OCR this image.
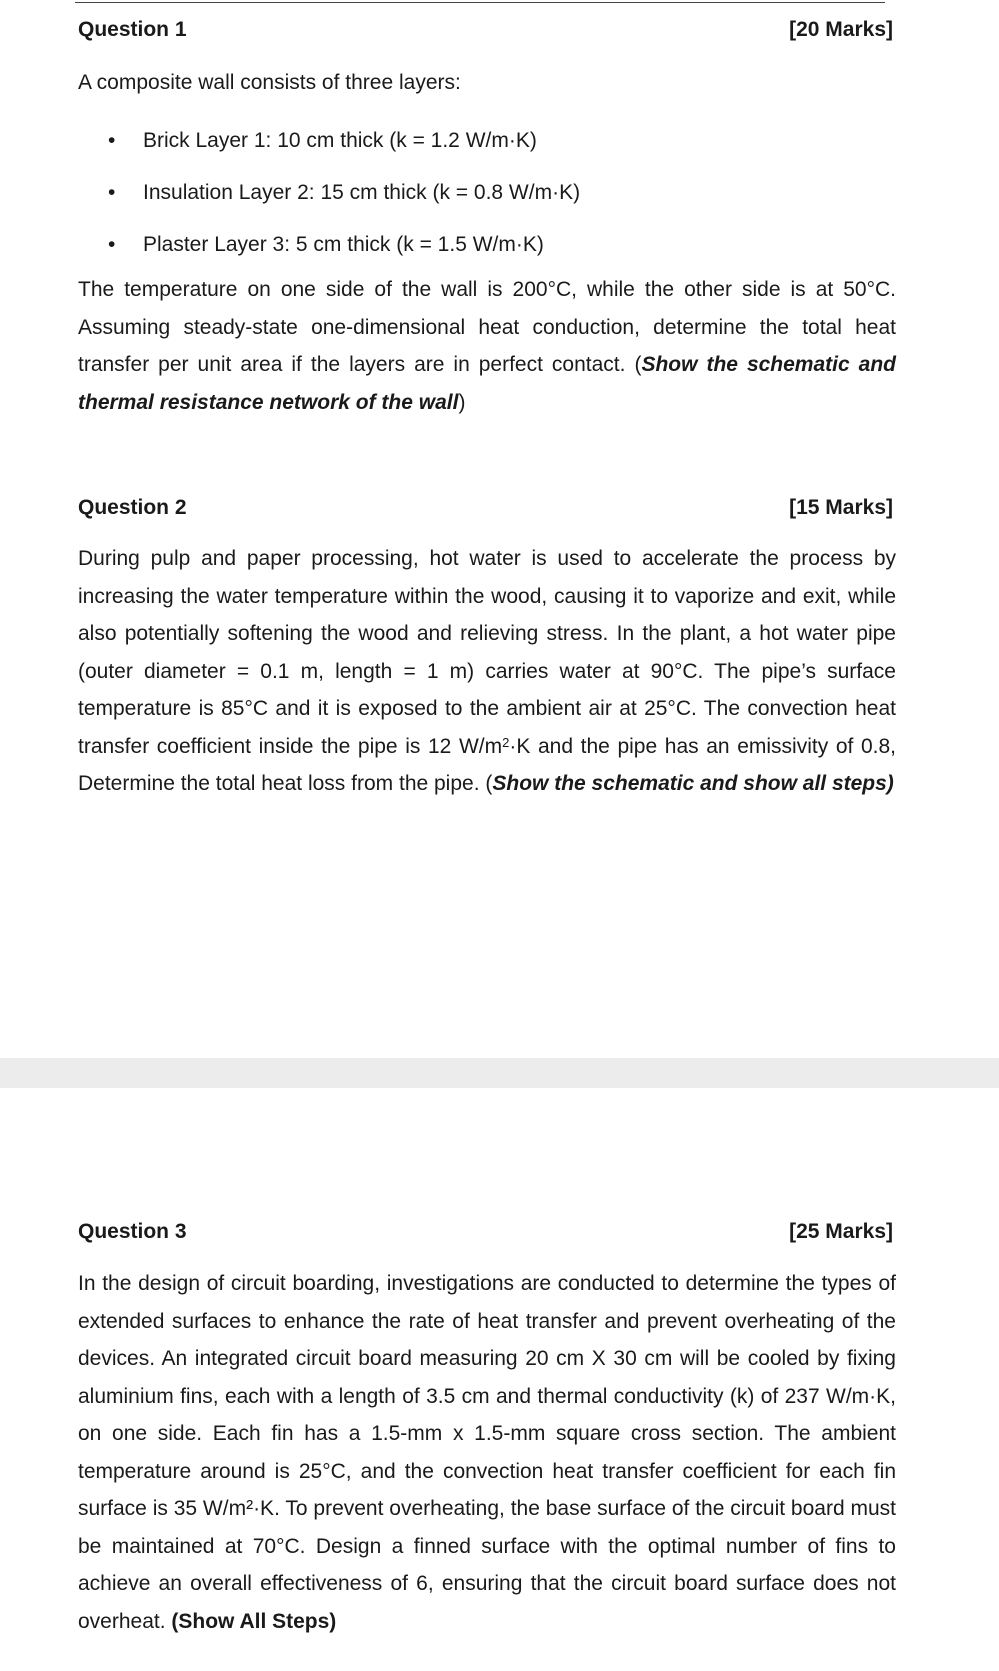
Question 1	[20 Marks]

A composite wall consists of three layers:

• Brick Layer 1: 10 cm thick (k = 1.2 W/m·K)
• Insulation Layer 2: 15 cm thick (k = 0.8 W/m·K)
• Plaster Layer 3: 5 cm thick (k = 1.5 W/m·K)

The temperature on one side of the wall is 200°C, while the other side is at 50°C. Assuming steady-state one-dimensional heat conduction, determine the total heat transfer per unit area if the layers are in perfect contact. (Show the schematic and thermal resistance network of the wall)

Question 2	[15 Marks]

During pulp and paper processing, hot water is used to accelerate the process by increasing the water temperature within the wood, causing it to vaporize and exit, while also potentially softening the wood and relieving stress. In the plant, a hot water pipe (outer diameter = 0.1 m, length = 1 m) carries water at 90°C. The pipe’s surface temperature is 85°C and it is exposed to the ambient air at 25°C. The convection heat transfer coefficient inside the pipe is 12 $W/m^2\cdot K$ and the pipe has an emissivity of 0.8, Determine the total heat loss from the pipe. (Show the schematic and show all steps)

Question 3	[25 Marks]

In the design of circuit boarding, investigations are conducted to determine the types of extended surfaces to enhance the rate of heat transfer and prevent overheating of the devices. An integrated circuit board measuring 20 cm X 30 cm will be cooled by fixing aluminium fins, each with a length of 3.5 cm and thermal conductivity (k) of 237 W/m·K, on one side. Each fin has a 1.5-mm x 1.5-mm square cross section. The ambient temperature around is 25°C, and the convection heat transfer coefficient for each fin surface is 35 W/m²·K. To prevent overheating, the base surface of the circuit board must be maintained at 70°C. Design a finned surface with the optimal number of fins to achieve an overall effectiveness of 6, ensuring that the circuit board surface does not overheat. (Show All Steps)
